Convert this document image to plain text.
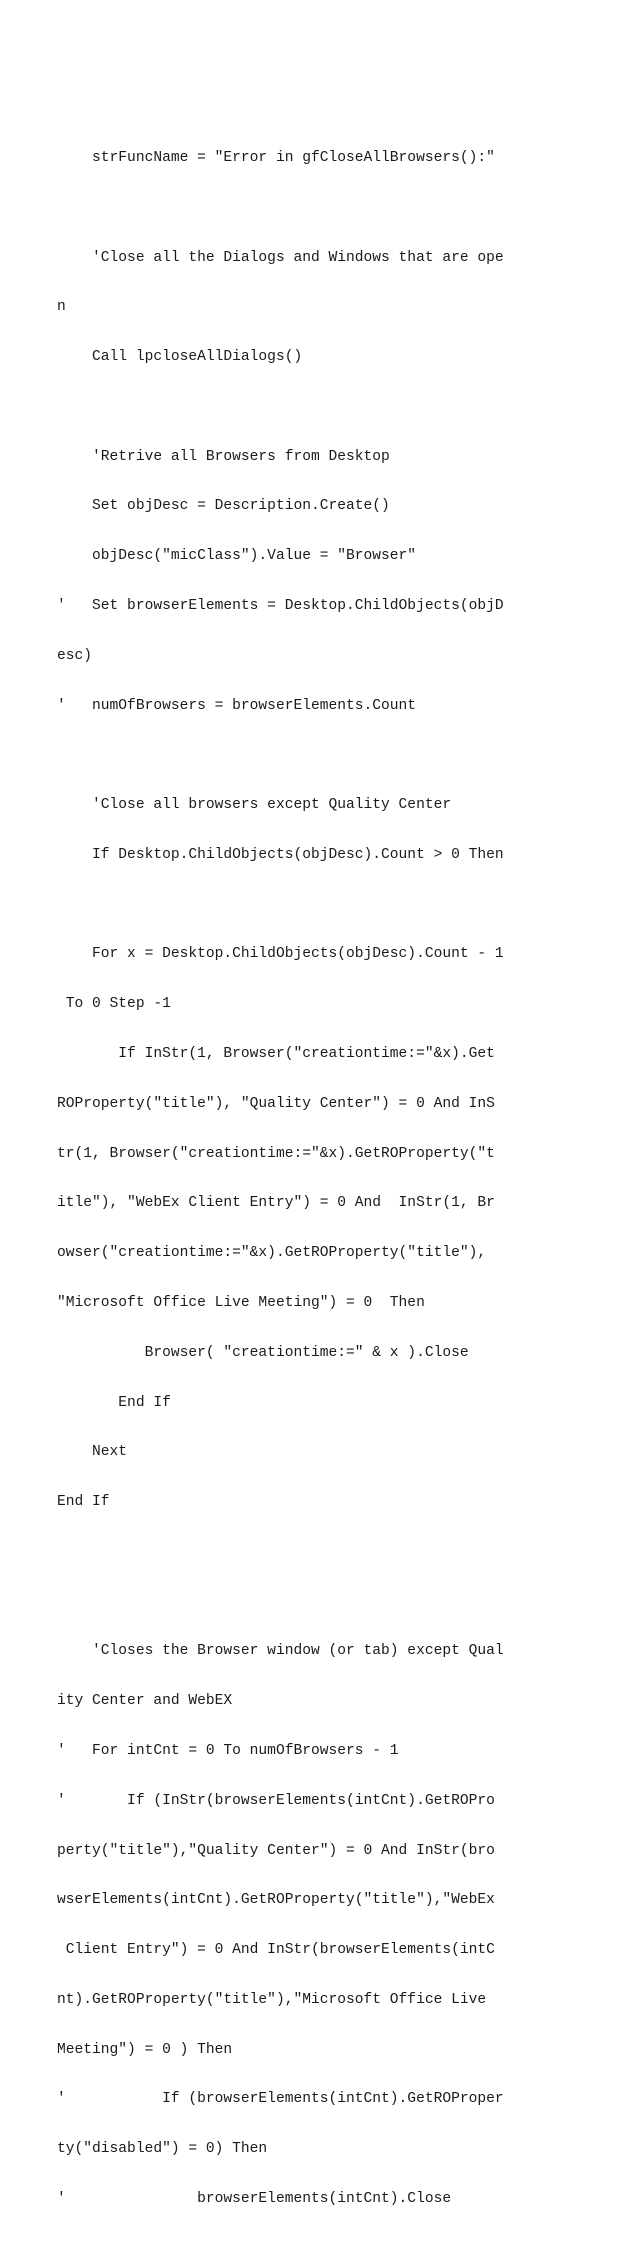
strFuncName = "Error in gfCloseAllBrowsers():"

'Close all the Dialogs and Windows that are ope

n

Call lpcloseAllDialogs()

'Retrive all Browsers from Desktop

Set objDesc = Description.Create()

objDesc("micClass").Value = "Browser"

'   Set browserElements = Desktop.ChildObjects(objD

esc)

'   numOfBrowsers = browserElements.Count

'Close all browsers except Quality Center

If Desktop.ChildObjects(objDesc).Count > 0 Then

For x = Desktop.ChildObjects(objDesc).Count - 1

To 0 Step -1

If InStr(1, Browser("creationtime:="&x).Get

ROProperty("title"), "Quality Center") = 0 And InS

tr(1, Browser("creationtime:="&x).GetROProperty("t

itle"), "WebEx Client Entry") = 0 And  InStr(1, Br

owser("creationtime:="&x).GetROProperty("title"),

"Microsoft Office Live Meeting") = 0  Then

Browser( "creationtime:=" & x ).Close

End If

Next

End If

'Closes the Browser window (or tab) except Qual

ity Center and WebEX

'   For intCnt = 0 To numOfBrowsers - 1

'       If (InStr(browserElements(intCnt).GetROPro

perty("title"),"Quality Center") = 0 And InStr(bro

wserElements(intCnt).GetROProperty("title"),"WebEx

Client Entry") = 0 And InStr(browserElements(intC

nt).GetROProperty("title"),"Microsoft Office Live

Meeting") = 0 ) Then

'           If (browserElements(intCnt).GetROProper

ty("disabled") = 0) Then

'               browserElements(intCnt).Close
